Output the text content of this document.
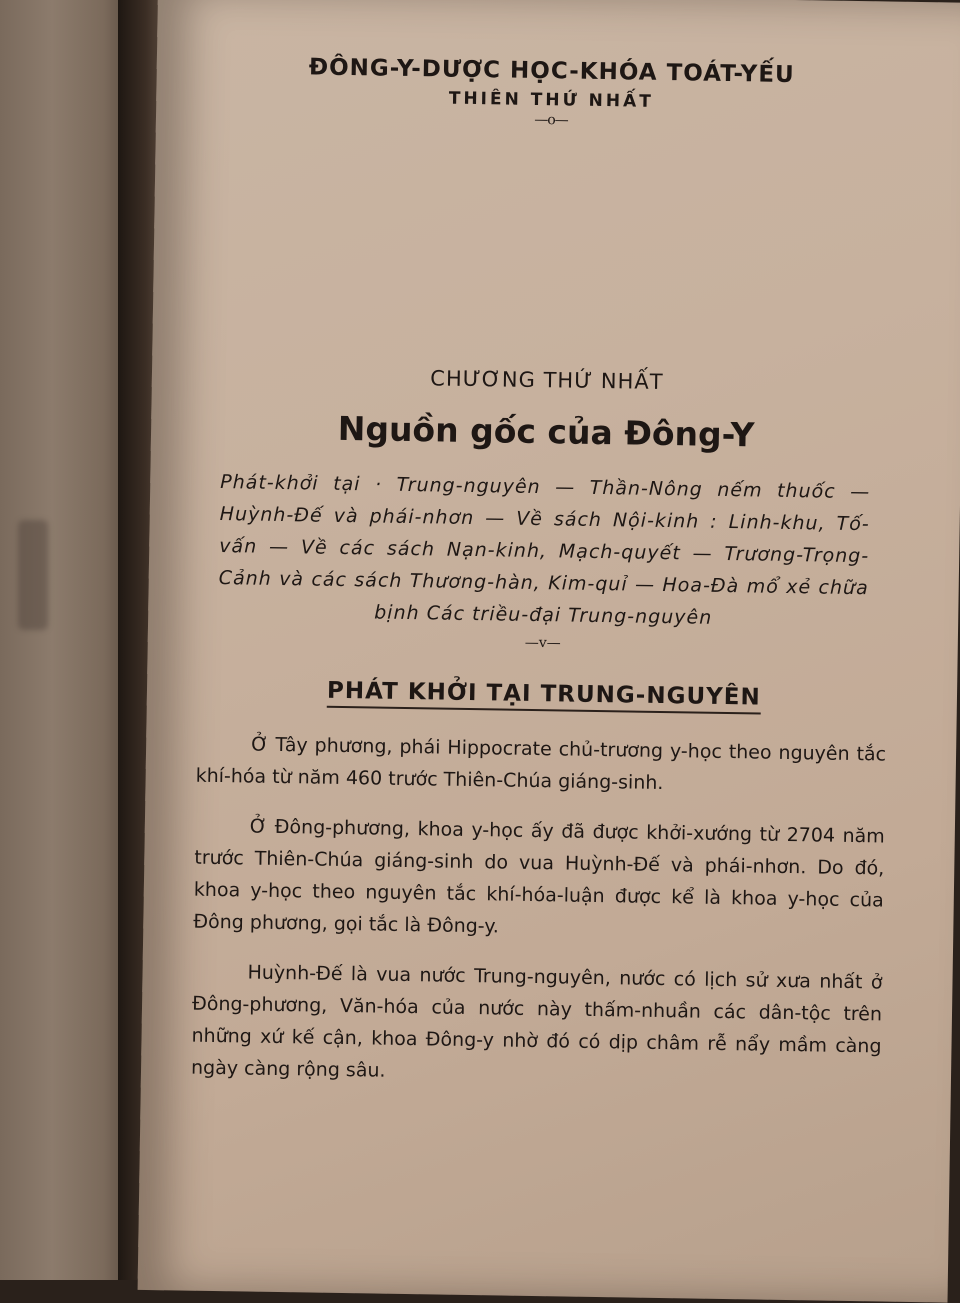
ĐÔNG-Y-DƯỢC HỌC-KHÓA TOÁT-YẾU

THIÊN THỨ NHẤT

—o—

CHƯƠNG THỨ NHẤT

Nguồn gốc của Đông-Y

Phát-khởi tại · Trung-nguyên — Thần-Nông nếm thuốc — Huỳnh-Đế và phái-nhơn — Về sách Nội-kinh : Linh-khu, Tố-vấn — Về các sách Nạn-kinh, Mạch-quyết — Trương-Trọng-Cảnh và các sách Thương-hàn, Kim-quỉ — Hoa-Đà mổ xẻ chữa bịnh Các triều-đại Trung-nguyên

—v—

PHÁT KHỞI TẠI TRUNG-NGUYÊN

Ở Tây phương, phái Hippocrate chủ-trương y-học theo nguyên tắc khí-hóa từ năm 460 trước Thiên-Chúa giáng-sinh.

Ở Đông-phương, khoa y-học ấy đã được khởi-xướng từ 2704 năm trước Thiên-Chúa giáng-sinh do vua Huỳnh-Đế và phái-nhơn. Do đó, khoa y-học theo nguyên tắc khí-hóa-luận được kể là khoa y-học của Đông phương, gọi tắc là Đông-y.

Huỳnh-Đế là vua nước Trung-nguyên, nước có lịch sử xưa nhất ở Đông-phương, Văn-hóa của nước này thấm-nhuần các dân-tộc trên những xứ kế cận, khoa Đông-y nhờ đó có dịp châm rễ nẩy mầm càng ngày càng rộng sâu.
